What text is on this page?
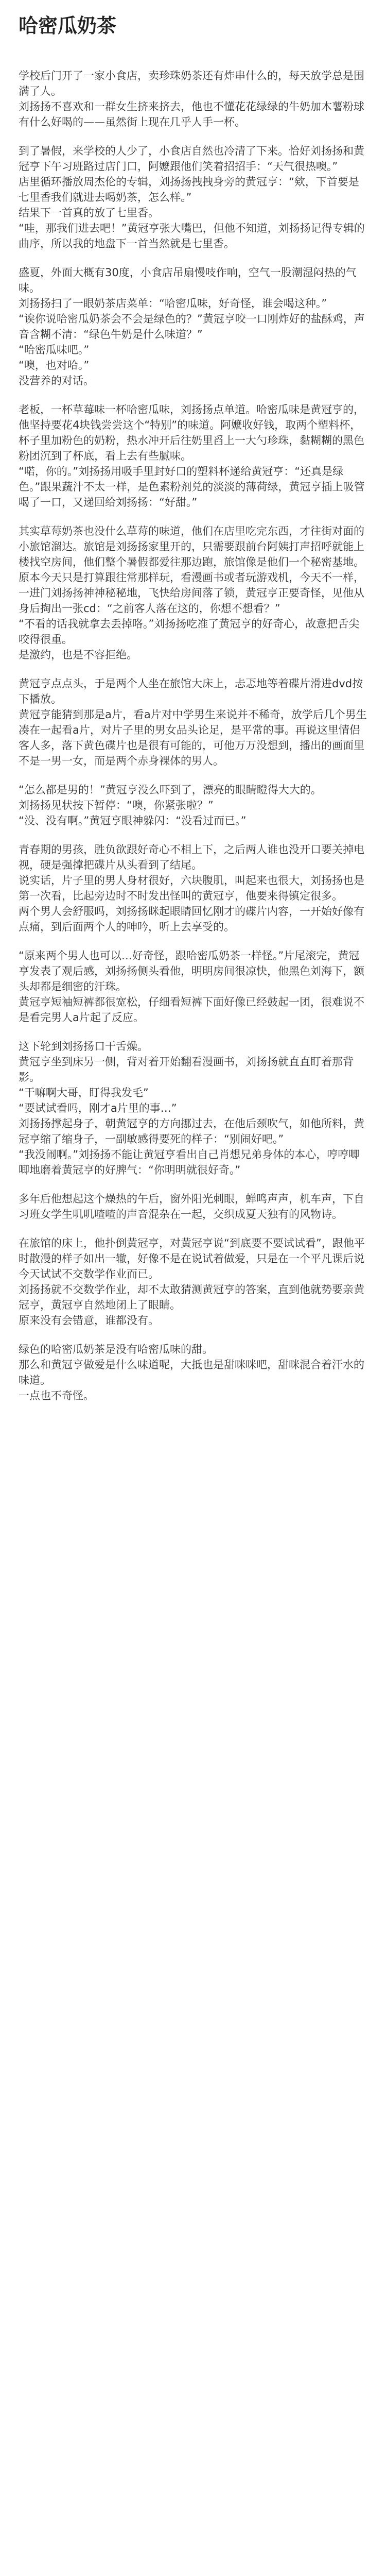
哈密瓜奶茶

学校后门开了一家小食店，卖珍珠奶茶还有炸串什么的，每天放学总是围满了人。
刘扬扬不喜欢和一群女生挤来挤去，他也不懂花花绿绿的牛奶加木薯粉球有什么好喝的——虽然街上现在几乎人手一杯。

到了暑假，来学校的人少了，小食店自然也冷清了下来。恰好刘扬扬和黄冠亨下午习班路过店门口，阿嬷跟他们笑着招招手：“天气很热噢。”
店里循环播放周杰伦的专辑，刘扬扬拽拽身旁的黄冠亨：“欸，下首要是七里香我们就进去喝奶茶，怎么样。”
结果下一首真的放了七里香。
“哇，那我们进去吧！”黄冠亨张大嘴巴，但他不知道，刘扬扬记得专辑的曲序，所以我的地盘下一首当然就是七里香。

盛夏，外面大概有30度，小食店吊扇慢吱作响，空气一股潮湿闷热的气味。
刘扬扬扫了一眼奶茶店菜单：“哈密瓜味，好奇怪，谁会喝这种。”
“诶你说哈密瓜奶茶会不会是绿色的？”黄冠亨咬一口刚炸好的盐酥鸡，声音含糊不清：“绿色牛奶是什么味道？”
“哈密瓜味吧。”
“噢，也对哈。”
没营养的对话。

老板，一杯草莓味一杯哈密瓜味，刘扬扬点单道。哈密瓜味是黄冠亨的，他坚持要花4块钱尝尝这个“特别”的味道。阿嬷收好钱，取两个塑料杯，杯子里加粉色的奶粉，热水冲开后往奶里舀上一大勺珍珠，黏糊糊的黑色粉团沉到了杯底，看上去有些腻味。
“喏，你的。”刘扬扬用吸手里封好口的塑料杯递给黄冠亨：“还真是绿色。”跟果蔬汁不太一样，是色素粉剂兑的淡淡的薄荷绿，黄冠亨插上吸管喝了一口，又递回给刘扬扬：“好甜。”

其实草莓奶茶也没什么草莓的味道，他们在店里吃完东西，才往街对面的小旅馆溜达。旅馆是刘扬扬家里开的，只需要跟前台阿姨打声招呼就能上楼找空房间，他们整个暑假都爱往那边跑，旅馆像是他们一个秘密基地。
原本今天只是打算跟往常那样玩，看漫画书或者玩游戏机，今天不一样，一进门刘扬扬神神秘秘地，飞快给房间落了锁，黄冠亨正要奇怪，见他从身后掏出一张cd：“之前客人落在这的，你想不想看？”
“不看的话我就拿去丢掉咯。”刘扬扬吃准了黄冠亨的好奇心，故意把舌尖咬得很重。
是激约，也是不容拒绝。

黄冠亨点点头，于是两个人坐在旅馆大床上，忐忑地等着碟片滑进dvd按下播放。
黄冠亨能猜到那是a片，看a片对中学男生来说并不稀奇，放学后几个男生凑在一起看a片，对片子里的男女品头论足，是平常的事。再说这里情侣客人多，落下黄色碟片也是很有可能的，可他万万没想到，播出的画面里不是一男一女，而是两个赤身裸体的男人。

“怎么都是男的！”黄冠亨没么吓到了，漂亮的眼睛瞪得大大的。
刘扬扬见状按下暂停：“噢，你紧张啦？”
“没、没有啊。”黄冠亨眼神躲闪：“没看过而已。”

青春期的男孩，胜负欲跟好奇心不相上下，之后两人谁也没开口要关掉电视，硬是强撑把碟片从头看到了结尾。
说实话，片子里的男人身材很好，六块腹肌，叫起来也很大，刘扬扬也是第一次看，比起旁边时不时发出怪叫的黄冠亨，他要来得镇定很多。
两个男人会舒服吗，刘扬扬眯起眼睛回忆刚才的碟片内容，一开始好像有点痛，到后面两个人的呻吟，听上去享受的。

“原来两个男人也可以…好奇怪，跟哈密瓜奶茶一样怪。”片尾滚完，黄冠亨发表了观后感，刘扬扬侧头看他，明明房间很凉快，他黑色刘海下，额头却都是细密的汗珠。
黄冠亨短袖短裤都很宽松，仔细看短裤下面好像已经鼓起一团，很难说不是看完男人a片起了反应。

这下轮到刘扬扬口干舌燥。
黄冠亨坐到床另一侧，背对着开始翻看漫画书，刘扬扬就直直盯着那背影。
“干嘛啊大哥，盯得我发毛”
“要试试看吗，刚才a片里的事…”
刘扬扬撑起身子，朝黄冠亨的方向挪过去，在他后颈吹气，如他所料，黄冠亨缩了缩身子，一副敏感得要死的样子：“别闹好吧。”
“我没闹啊。”刘扬扬不能让黄冠亨看出自己肖想兄弟身体的本心，哼哼唧唧地磨着黄冠亨的好脾气：“你明明就很好奇。”

多年后他想起这个燥热的午后，窗外阳光刺眼，蝉鸣声声，机车声，下自习班女学生叽叽喳喳的声音混杂在一起，交织成夏天独有的风物诗。

在旅馆的床上，他扑倒黄冠亨，对黄冠亨说“到底要不要试试看”，跟他平时散漫的样子如出一辙，好像不是在说试着做爱，只是在一个平凡课后说今天试试不交数学作业而已。
刘扬扬就不交数学作业，却不太敢猜测黄冠亨的答案，直到他就势要亲黄冠亨，黄冠亨自然地闭上了眼睛。
原来没有会错意，谁都没有。

绿色的哈密瓜奶茶是没有哈密瓜味的甜。
那么和黄冠亨做爱是什么味道呢，大抵也是甜咪咪吧，甜咪混合着汗水的味道。
一点也不奇怪。
